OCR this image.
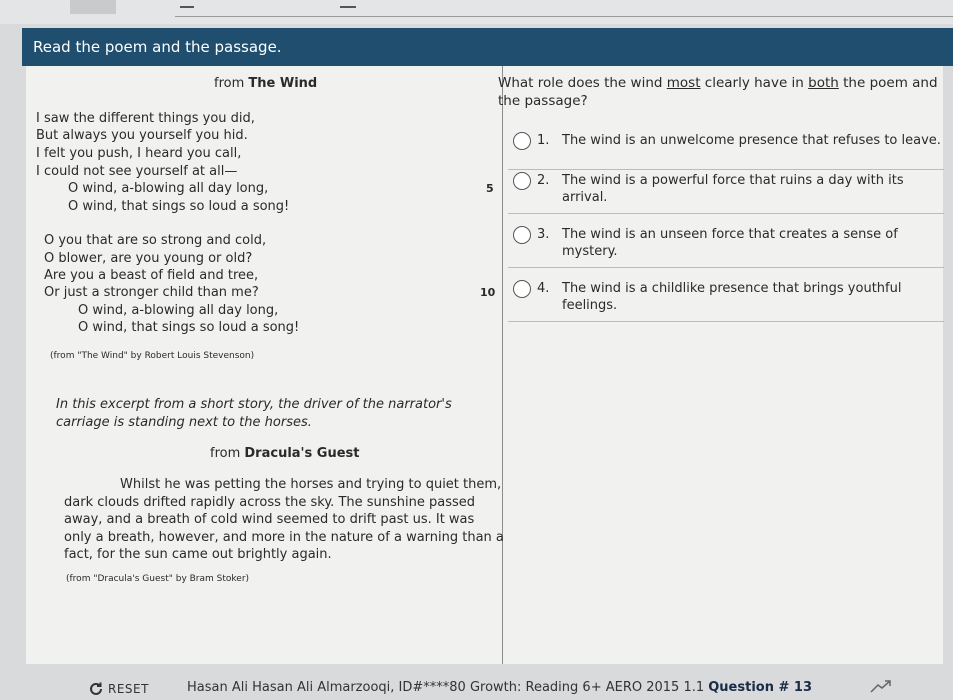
Read the poem and the passage.
from The Wind
I saw the different things you did,
But always you yourself you hid.
I felt you push, I heard you call,
I could not see yourself at all—
O wind, a-blowing all day long,
O wind, that sings so loud a song!
5
O you that are so strong and cold,
O blower, are you young or old?
Are you a beast of field and tree,
Or just a stronger child than me?
O wind, a-blowing all day long,
O wind, that sings so loud a song!
10
(from "The Wind" by Robert Louis Stevenson)
In this excerpt from a short story, the driver of the narrator's carriage is standing next to the horses.
from Dracula's Guest
Whilst he was petting the horses and trying to quiet them, dark clouds drifted rapidly across the sky. The sunshine passed away, and a breath of cold wind seemed to drift past us. It was only a breath, however, and more in the nature of a warning than a fact, for the sun came out brightly again.
(from "Dracula's Guest" by Bram Stoker)
What role does the wind most clearly have in both the poem and the passage?
1. The wind is an unwelcome presence that refuses to leave.
2. The wind is a powerful force that ruins a day with its arrival.
3. The wind is an unseen force that creates a sense of mystery.
4. The wind is a childlike presence that brings youthful feelings.
RESET	Hasan Ali Hasan Ali Almarzooqi, ID#****80 Growth: Reading 6+ AERO 2015 1.1 Question # 13
